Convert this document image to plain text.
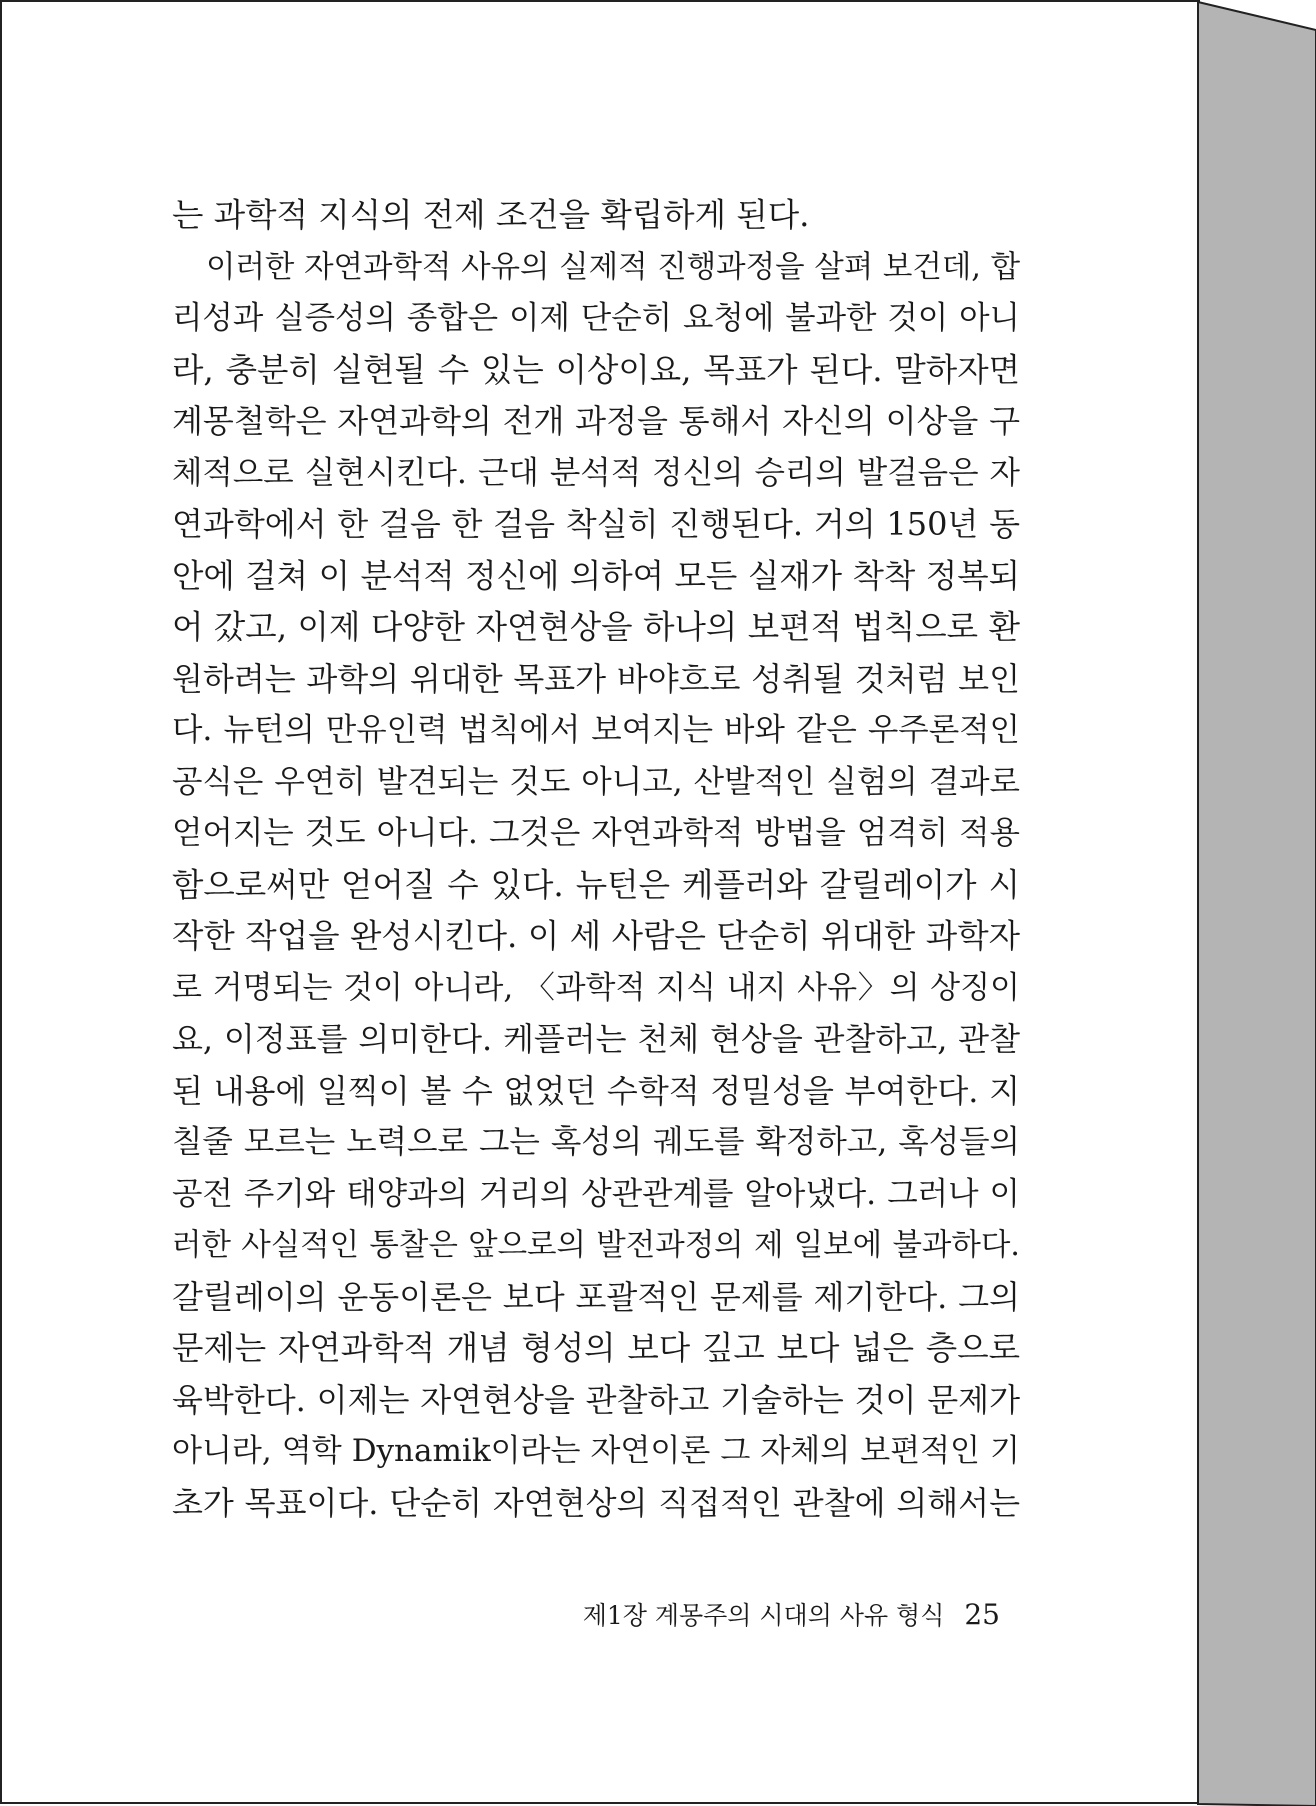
는 과학적 지식의 전제 조건을 확립하게 된다.
이러한 자연과학적 사유의 실제적 진행과정을 살펴 보건데, 합
리성과 실증성의 종합은 이제 단순히 요청에 불과한 것이 아니
라, 충분히 실현될 수 있는 이상이요, 목표가 된다. 말하자면
계몽철학은 자연과학의 전개 과정을 통해서 자신의 이상을 구
체적으로 실현시킨다. 근대 분석적 정신의 승리의 발걸음은 자
연과학에서 한 걸음 한 걸음 착실히 진행된다. 거의 150년 동
안에 걸쳐 이 분석적 정신에 의하여 모든 실재가 착착 정복되
어 갔고, 이제 다양한 자연현상을 하나의 보편적 법칙으로 환
원하려는 과학의 위대한 목표가 바야흐로 성취될 것처럼 보인
다. 뉴턴의 만유인력 법칙에서 보여지는 바와 같은 우주론적인
공식은 우연히 발견되는 것도 아니고, 산발적인 실험의 결과로
얻어지는 것도 아니다. 그것은 자연과학적 방법을 엄격히 적용
함으로써만 얻어질 수 있다. 뉴턴은 케플러와 갈릴레이가 시
작한 작업을 완성시킨다. 이 세 사람은 단순히 위대한 과학자
로 거명되는 것이 아니라, 〈과학적 지식 내지 사유〉의 상징이
요, 이정표를 의미한다. 케플러는 천체 현상을 관찰하고, 관찰
된 내용에 일찍이 볼 수 없었던 수학적 정밀성을 부여한다. 지
칠줄 모르는 노력으로 그는 혹성의 궤도를 확정하고, 혹성들의
공전 주기와 태양과의 거리의 상관관계를 알아냈다. 그러나 이
러한 사실적인 통찰은 앞으로의 발전과정의 제 일보에 불과하다.
갈릴레이의 운동이론은 보다 포괄적인 문제를 제기한다. 그의
문제는 자연과학적 개념 형성의 보다 깊고 보다 넓은 층으로
육박한다. 이제는 자연현상을 관찰하고 기술하는 것이 문제가
아니라, 역학 Dynamik이라는 자연이론 그 자체의 보편적인 기
초가 목표이다. 단순히 자연현상의 직접적인 관찰에 의해서는
제1장 계몽주의 시대의 사유 형식 25
